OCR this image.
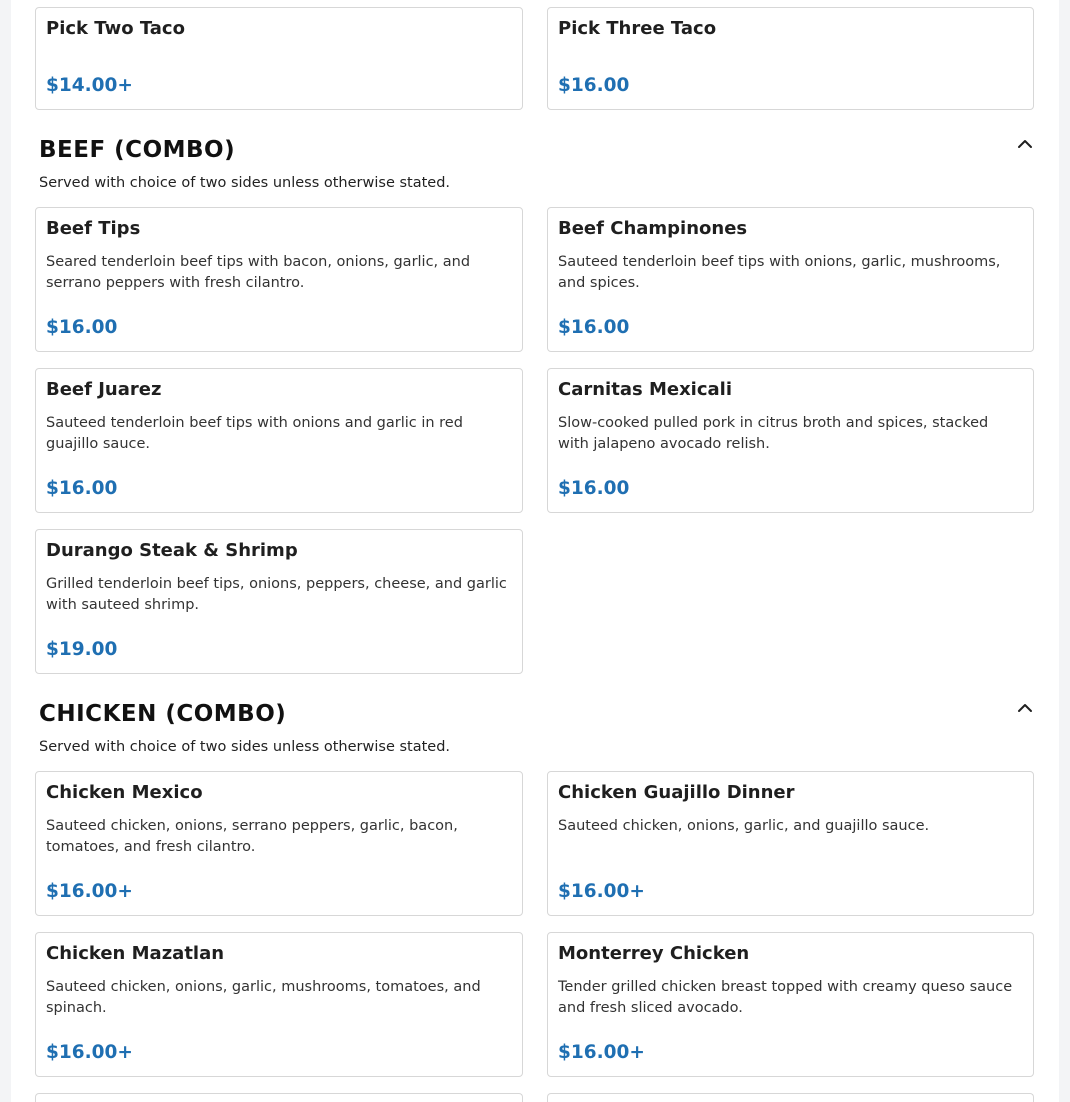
Pick Two Taco
$14.00+
Pick Three Taco
$16.00
BEEF (COMBO)
Served with choice of two sides unless otherwise stated.
Beef Tips
Seared tenderloin beef tips with bacon, onions, garlic, and serrano peppers with fresh cilantro.
$16.00
Beef Champinones
Sauteed tenderloin beef tips with onions, garlic, mushrooms, and spices.
$16.00
Beef Juarez
Sauteed tenderloin beef tips with onions and garlic in red guajillo sauce.
$16.00
Carnitas Mexicali
Slow-cooked pulled pork in citrus broth and spices, stacked with jalapeno avocado relish.
$16.00
Durango Steak & Shrimp
Grilled tenderloin beef tips, onions, peppers, cheese, and garlic with sauteed shrimp.
$19.00
CHICKEN (COMBO)
Served with choice of two sides unless otherwise stated.
Chicken Mexico
Sauteed chicken, onions, serrano peppers, garlic, bacon, tomatoes, and fresh cilantro.
$16.00+
Chicken Guajillo Dinner
Sauteed chicken, onions, garlic, and guajillo sauce.
$16.00+
Chicken Mazatlan
Sauteed chicken, onions, garlic, mushrooms, tomatoes, and spinach.
$16.00+
Monterrey Chicken
Tender grilled chicken breast topped with creamy queso sauce and fresh sliced avocado.
$16.00+
